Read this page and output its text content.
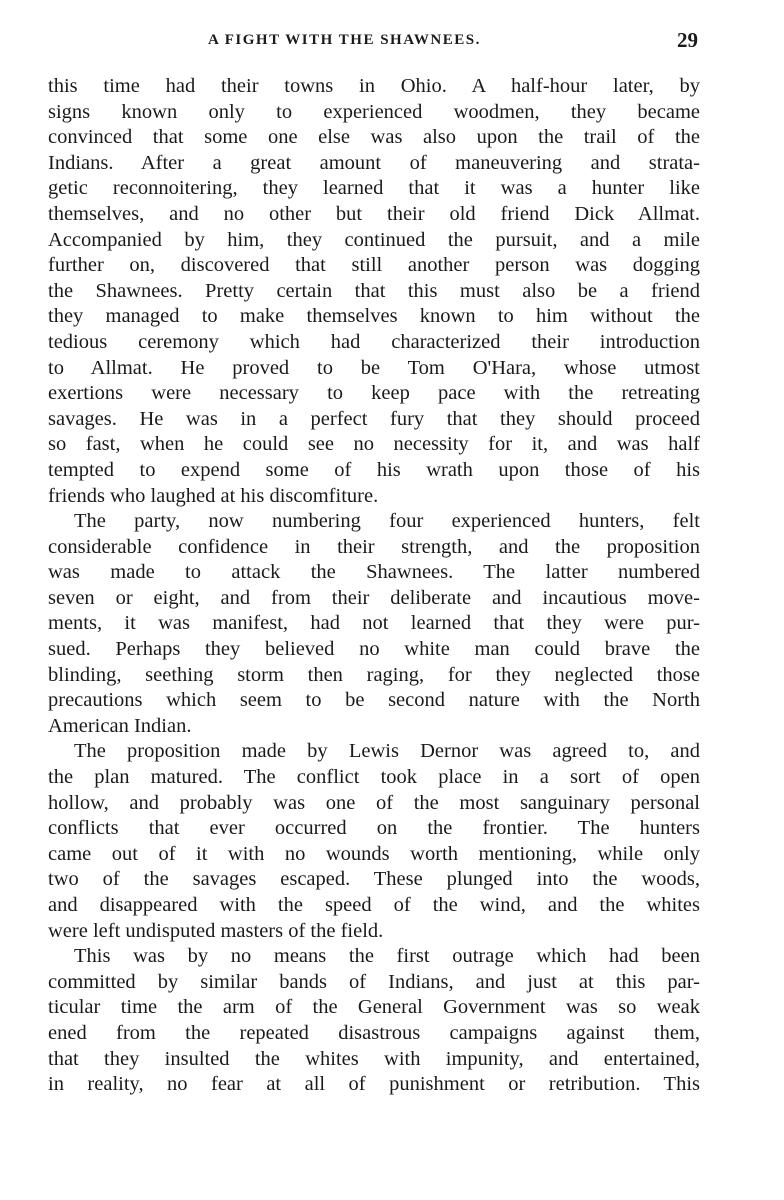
A FIGHT WITH THE SHAWNEES.	29
this time had their towns in Ohio. A half-hour later, by
signs known only to experienced woodmen, they became
convinced that some one else was also upon the trail of the
Indians. After a great amount of maneuvering and strata-
getic reconnoitering, they learned that it was a hunter like
themselves, and no other but their old friend Dick Allmat.
Accompanied by him, they continued the pursuit, and a mile
further on, discovered that still another person was dogging
the Shawnees. Pretty certain that this must also be a friend
they managed to make themselves known to him without the
tedious ceremony which had characterized their introduction
to Allmat. He proved to be Tom O'Hara, whose utmost
exertions were necessary to keep pace with the retreating
savages. He was in a perfect fury that they should proceed
so fast, when he could see no necessity for it, and was half
tempted to expend some of his wrath upon those of his
friends who laughed at his discomfiture.
The party, now numbering four experienced hunters, felt
considerable confidence in their strength, and the proposition
was made to attack the Shawnees. The latter numbered
seven or eight, and from their deliberate and incautious move-
ments, it was manifest, had not learned that they were pur-
sued. Perhaps they believed no white man could brave the
blinding, seething storm then raging, for they neglected those
precautions which seem to be second nature with the North
American Indian.
The proposition made by Lewis Dernor was agreed to, and
the plan matured. The conflict took place in a sort of open
hollow, and probably was one of the most sanguinary personal
conflicts that ever occurred on the frontier. The hunters
came out of it with no wounds worth mentioning, while only
two of the savages escaped. These plunged into the woods,
and disappeared with the speed of the wind, and the whites
were left undisputed masters of the field.
This was by no means the first outrage which had been
committed by similar bands of Indians, and just at this par-
ticular time the arm of the General Government was so weak
ened from the repeated disastrous campaigns against them,
that they insulted the whites with impunity, and entertained,
in reality, no fear at all of punishment or retribution. This
